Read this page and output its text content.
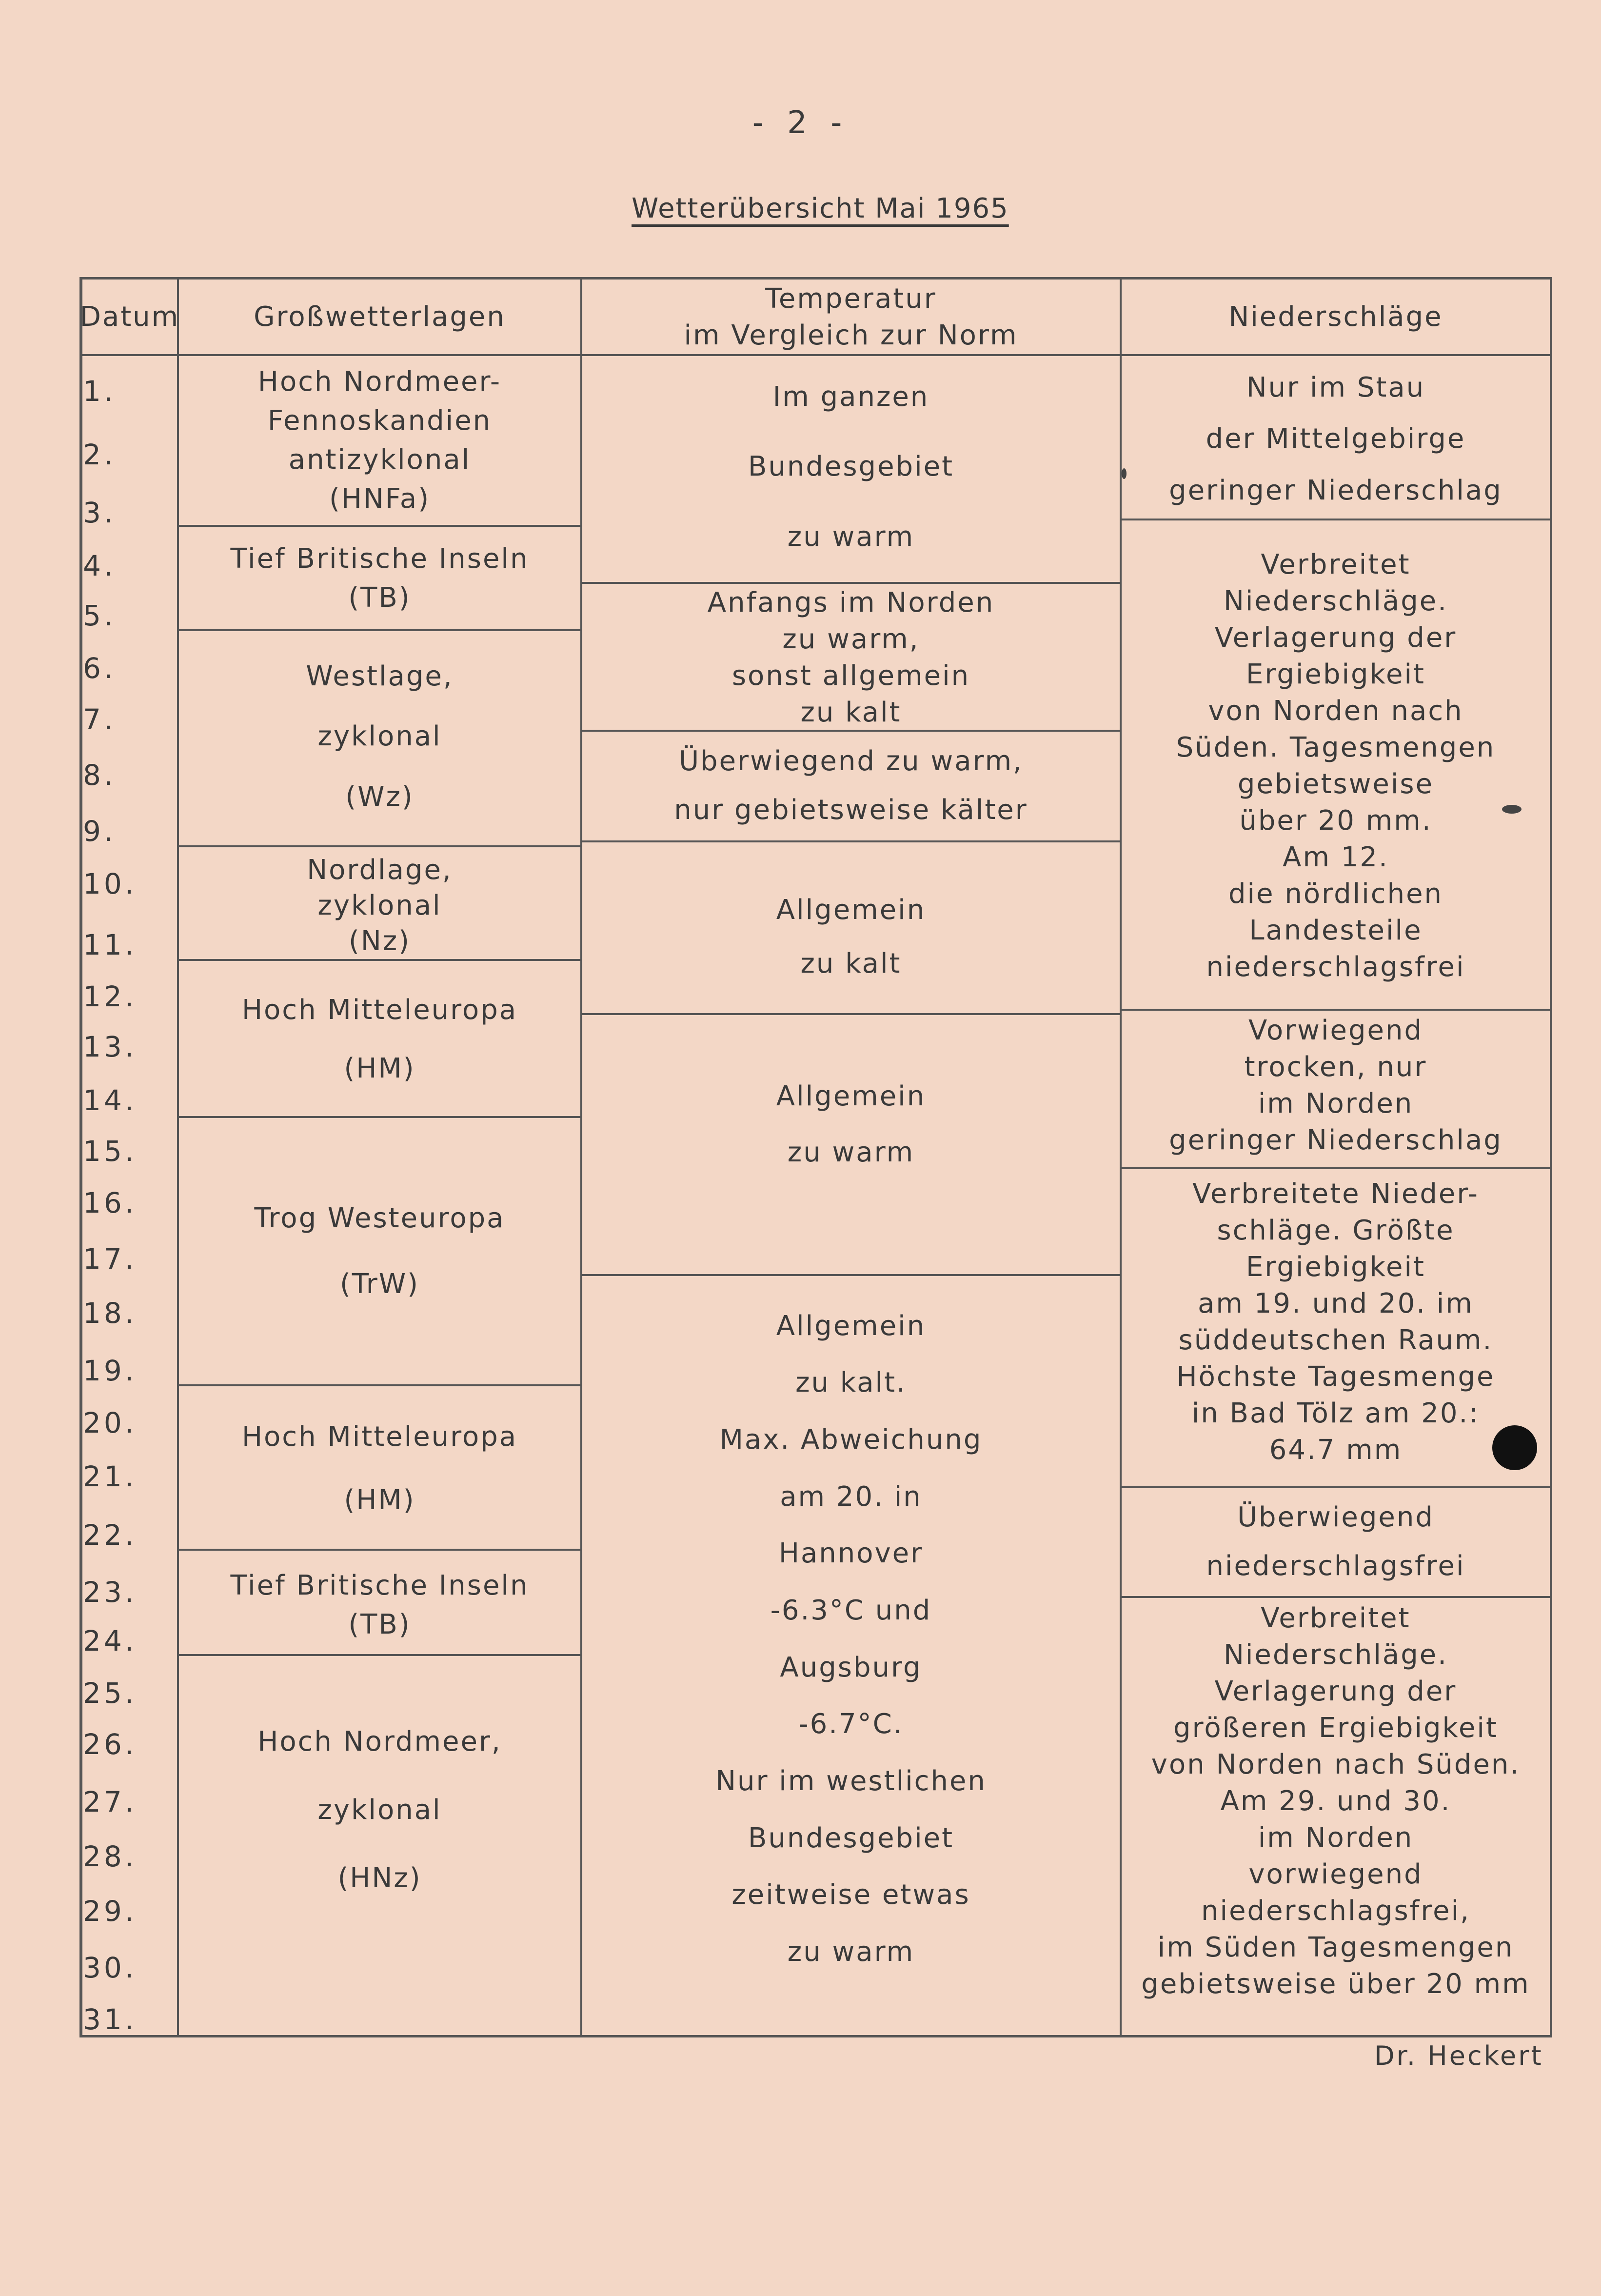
- 2 -
Wetterübersicht Mai 1965
Datum	Großwetterlagen
Temperatur
im Vergleich zur Norm
Niederschläge
1.
2.
3.
4.
5.
6.
7.
8.
9.
10.
11.
12.
13.
14.
15.
16.
17.
18.
19.
20.
21.
22.
23.
24.
25.
26.
27.
28.
29.
30.
31.
Hoch Nordmeer-
Fennoskandien
antizyklonal
(HNFa)
Tief Britische Inseln
(TB)
Westlage,
zyklonal
(Wz)
Nordlage,
zyklonal
(Nz)
Hoch Mitteleuropa
(HM)
Trog Westeuropa
(TrW)
Hoch Mitteleuropa
(HM)
Tief Britische Inseln
(TB)
Hoch Nordmeer,
zyklonal
(HNz)
Im ganzen
Bundesgebiet
zu warm
Anfangs im Norden
zu warm,
sonst allgemein
zu kalt
Überwiegend zu warm,
nur gebietsweise kälter
Allgemein
zu kalt
Allgemein
zu warm
Allgemein
zu kalt.
Max. Abweichung
am 20. in
Hannover
-6.3°C und
Augsburg
-6.7°C.
Nur im westlichen
Bundesgebiet
zeitweise etwas
zu warm
Nur im Stau
der Mittelgebirge
geringer Niederschlag
Verbreitet
Niederschläge.
Verlagerung der
Ergiebigkeit
von Norden nach
Süden. Tagesmengen
gebietsweise
über 20 mm.
Am 12.
die nördlichen
Landesteile
niederschlagsfrei
Vorwiegend
trocken, nur
im Norden
geringer Niederschlag
Verbreitete Nieder-
schläge. Größte
Ergiebigkeit
am 19. und 20. im
süddeutschen Raum.
Höchste Tagesmenge
in Bad Tölz am 20.:
64.7 mm
Überwiegend
niederschlagsfrei
Verbreitet
Niederschläge.
Verlagerung der
größeren Ergiebigkeit
von Norden nach Süden.
Am 29. und 30.
im Norden
vorwiegend
niederschlagsfrei,
im Süden Tagesmengen
gebietsweise über 20 mm
Dr. Heckert
